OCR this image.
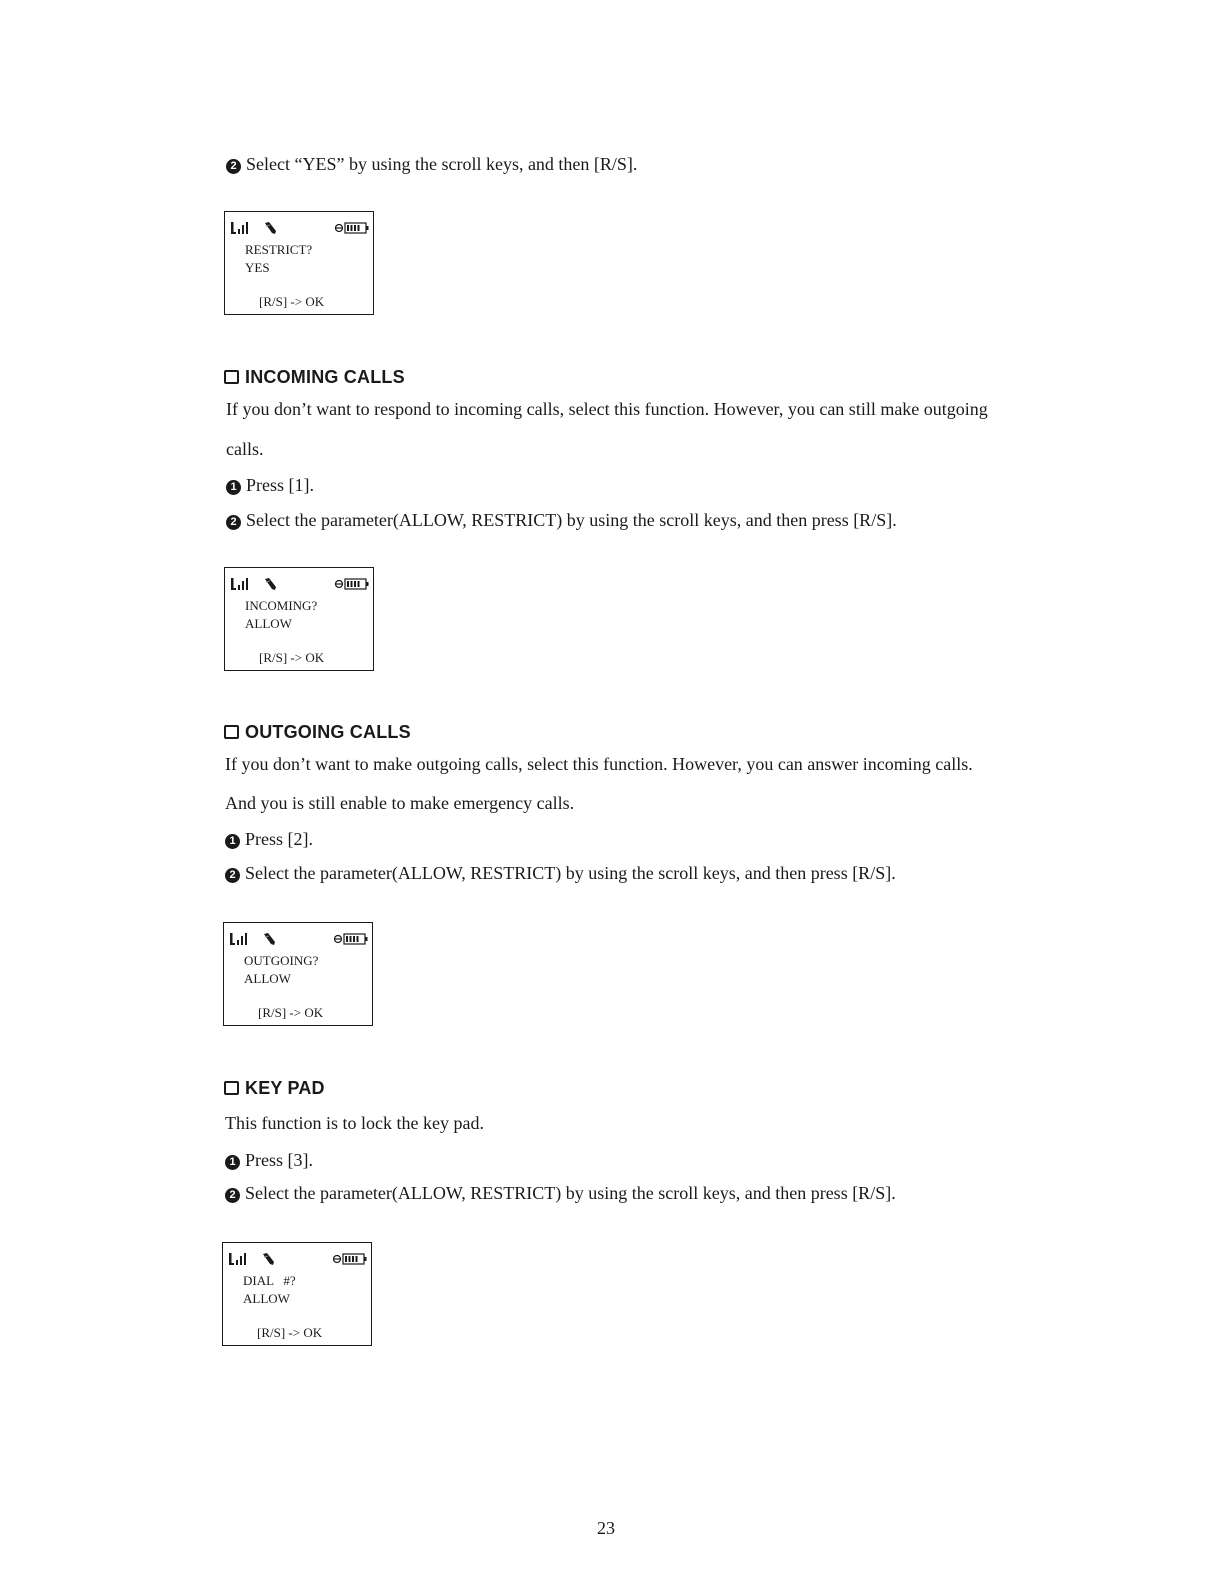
2 Select “YES” by using the scroll keys, and then [R/S].
RESTRICT?
YES
[R/S] -> OK
INCOMING CALLS
If you don’t want to respond to incoming calls, select this function. However, you can still make outgoing
calls.
1 Press [1].
2 Select the parameter(ALLOW, RESTRICT) by using the scroll keys, and then press [R/S].
INCOMING?
ALLOW
[R/S] -> OK
OUTGOING CALLS
If you don’t want to make outgoing calls, select this function. However, you can answer incoming calls.
And you is still enable to make emergency calls.
1 Press [2].
2 Select the parameter(ALLOW, RESTRICT) by using the scroll keys, and then press [R/S].
OUTGOING?
ALLOW
[R/S] -> OK
KEY PAD
This function is to lock the key pad.
1 Press [3].
2 Select the parameter(ALLOW, RESTRICT) by using the scroll keys, and then press [R/S].
DIAL   #?
ALLOW
[R/S] -> OK
23
